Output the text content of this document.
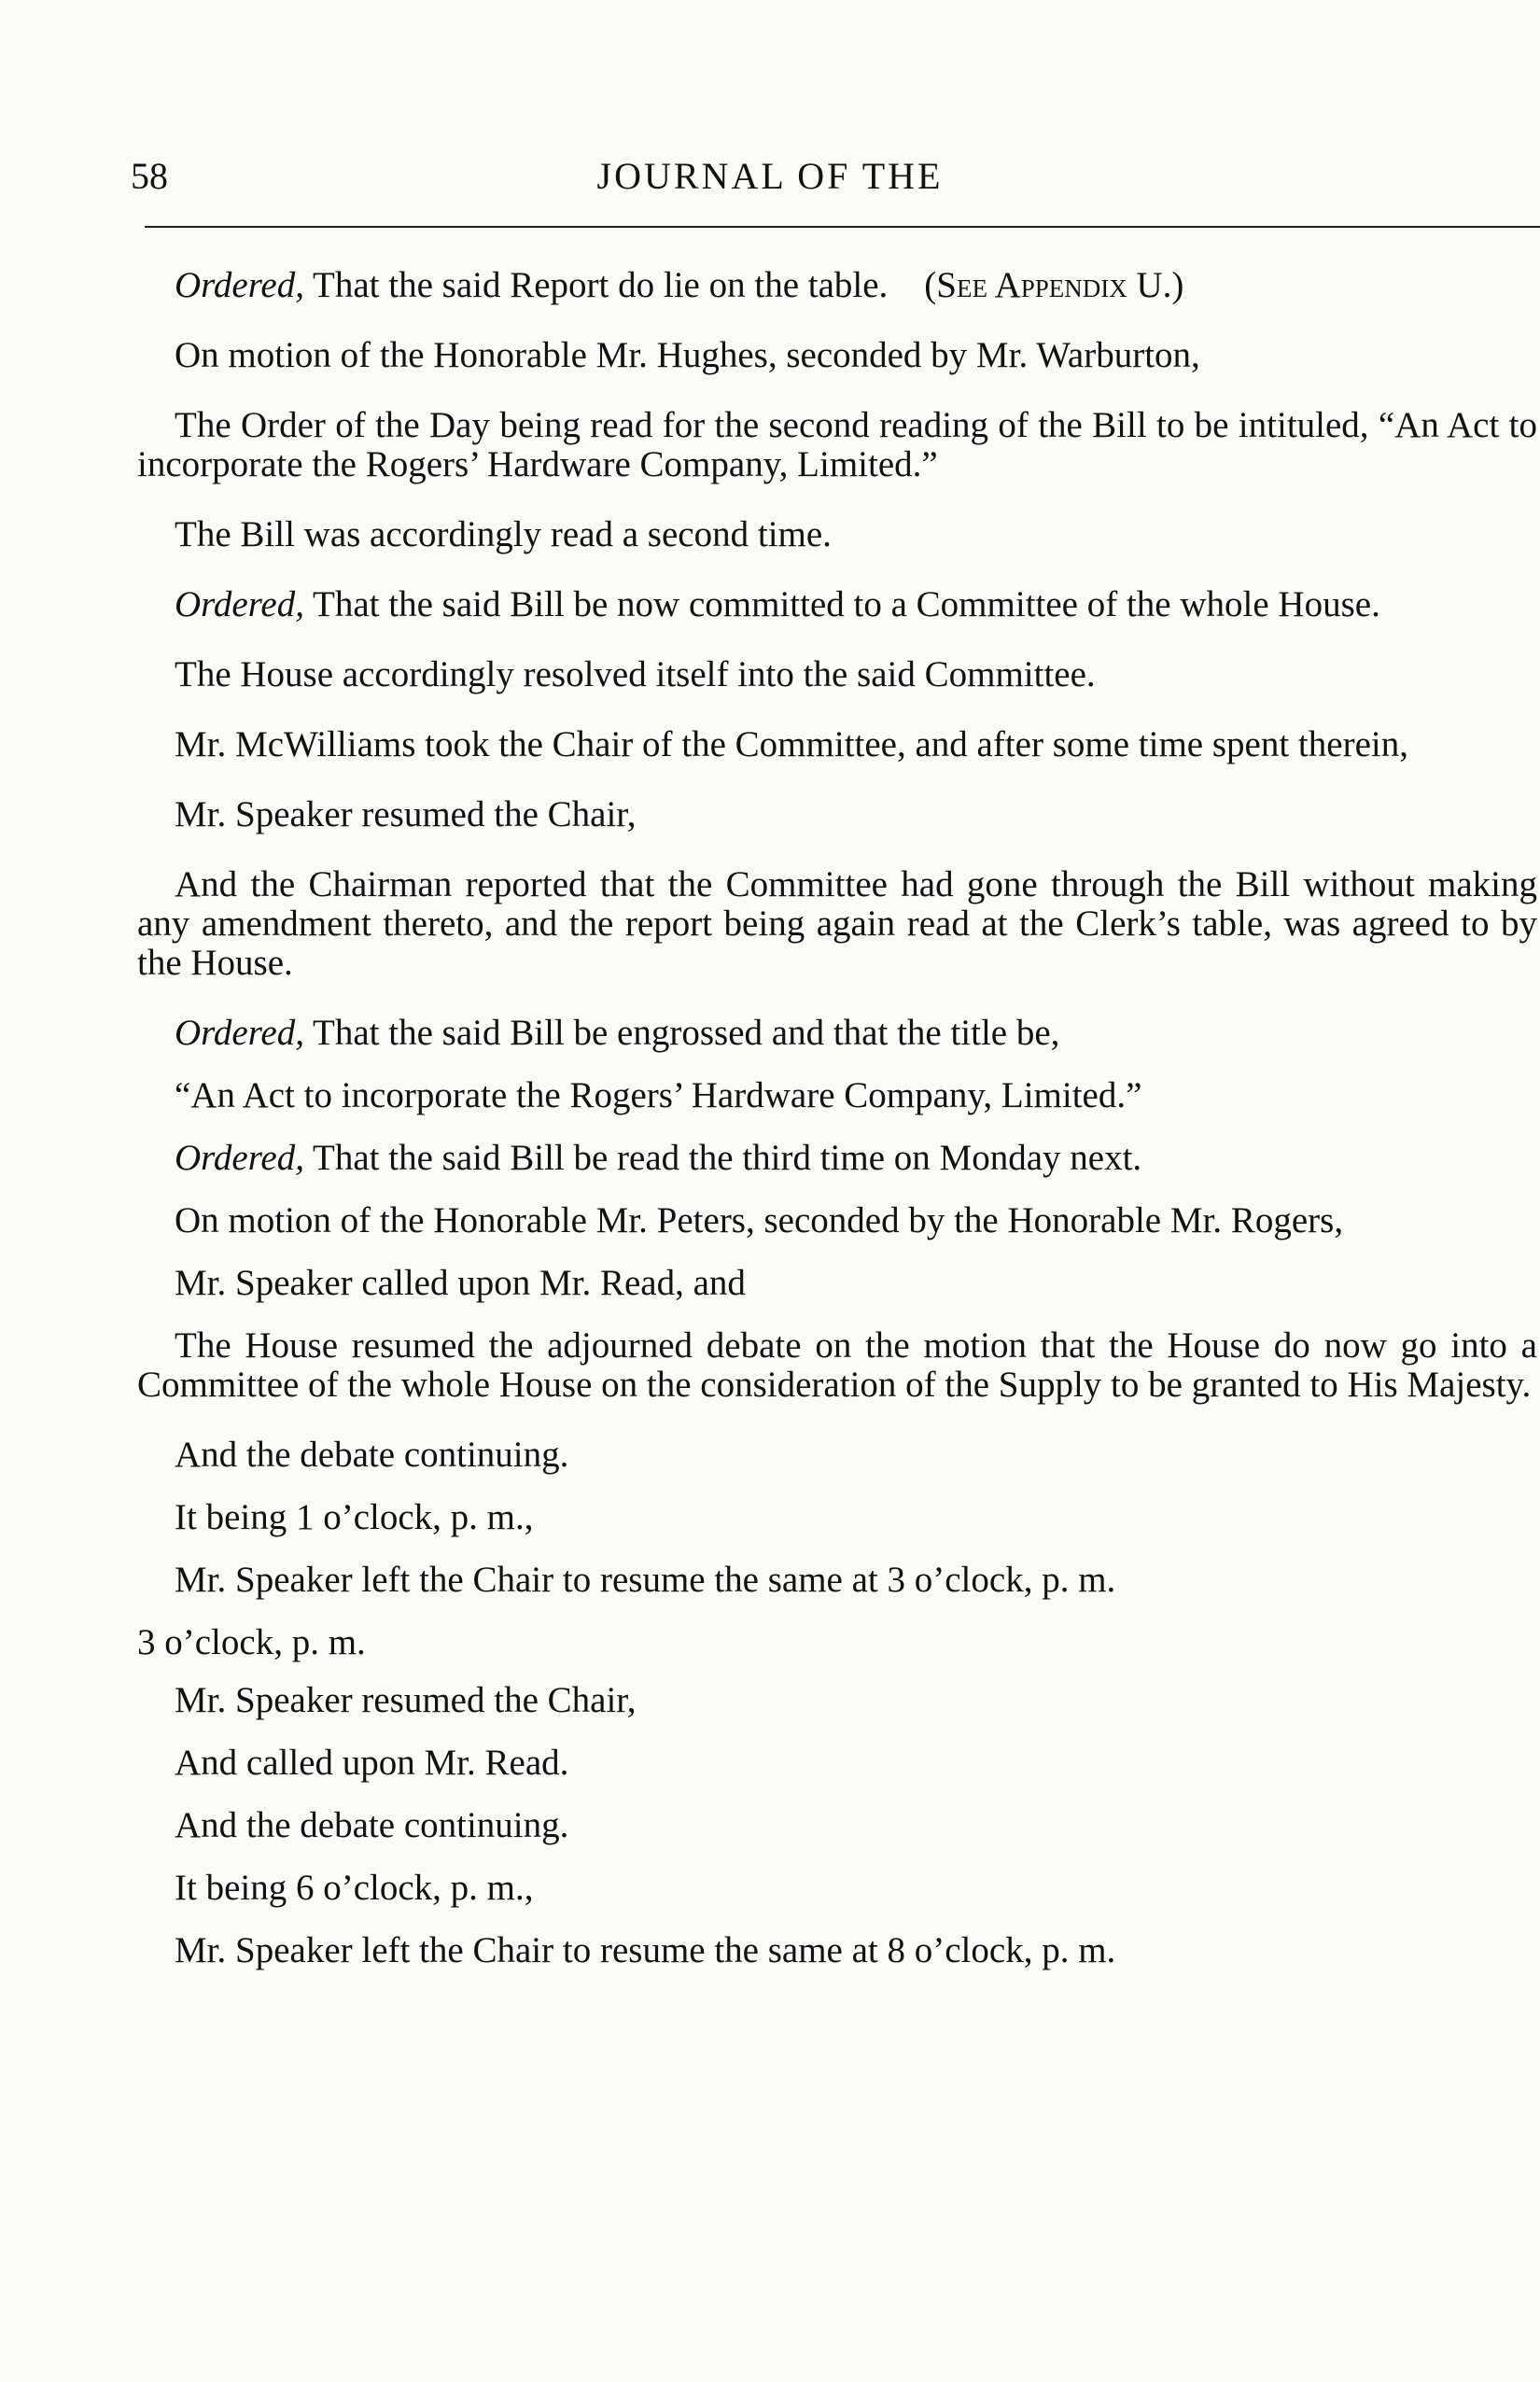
58	JOURNAL OF THE

Ordered, That the said Report do lie on the table. (See Appendix U.)

On motion of the Honorable Mr. Hughes, seconded by Mr. Warburton,

The Order of the Day being read for the second reading of the Bill to be intituled, “An Act to incorporate the Rogers’ Hardware Company, Limited.”

The Bill was accordingly read a second time.

Ordered, That the said Bill be now committed to a Committee of the whole House.

The House accordingly resolved itself into the said Committee.

Mr. McWilliams took the Chair of the Committee, and after some time spent therein,

Mr. Speaker resumed the Chair,

And the Chairman reported that the Committee had gone through the Bill without making any amendment thereto, and the report being again read at the Clerk’s table, was agreed to by the House.

Ordered, That the said Bill be engrossed and that the title be,

“An Act to incorporate the Rogers’ Hardware Company, Limited.”

Ordered, That the said Bill be read the third time on Monday next.

On motion of the Honorable Mr. Peters, seconded by the Honorable Mr. Rogers,

Mr. Speaker called upon Mr. Read, and

The House resumed the adjourned debate on the motion that the House do now go into a Committee of the whole House on the consideration of the Supply to be granted to His Majesty.

And the debate continuing.

It being 1 o’clock, p. m.,

Mr. Speaker left the Chair to resume the same at 3 o’clock, p. m.

3 o’clock, p. m.

Mr. Speaker resumed the Chair,

And called upon Mr. Read.

And the debate continuing.

It being 6 o’clock, p. m.,

Mr. Speaker left the Chair to resume the same at 8 o’clock, p. m.
